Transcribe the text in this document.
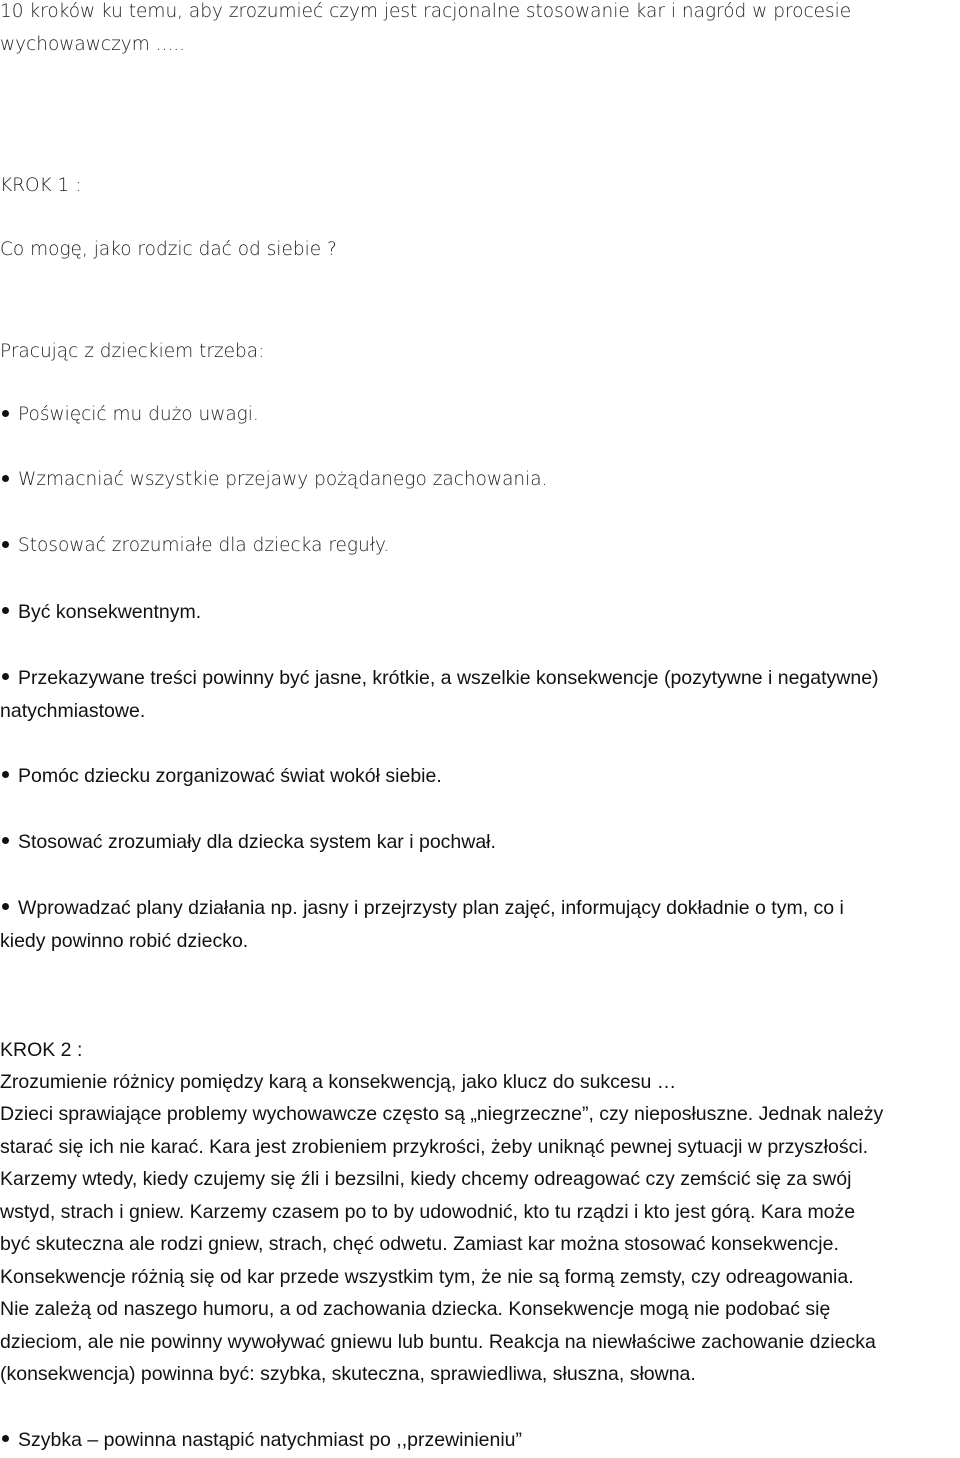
10 kroków ku temu, aby zrozumieć czym jest racjonalne stosowanie kar i nagród w procesie
wychowawczym .....
KROK 1 :
Co mogę, jako rodzic dać od siebie ?
Pracując z dzieckiem trzeba:
Poświęcić mu dużo uwagi.
Wzmacniać wszystkie przejawy pożądanego zachowania.
Stosować zrozumiałe dla dziecka reguły.
Być konsekwentnym.
Przekazywane treści powinny być jasne, krótkie, a wszelkie konsekwencje (pozytywne i negatywne)
natychmiastowe.
Pomóc dziecku zorganizować świat wokół siebie.
Stosować zrozumiały dla dziecka system kar i pochwał.
Wprowadzać plany działania np. jasny i przejrzysty plan zajęć, informujący dokładnie o tym, co i
kiedy powinno robić dziecko.
KROK 2 :
Zrozumienie różnicy pomiędzy karą a konsekwencją, jako klucz do sukcesu …
Dzieci sprawiające problemy wychowawcze często są „niegrzeczne”, czy nieposłuszne. Jednak należy
starać się ich nie karać. Kara jest zrobieniem przykrości, żeby uniknąć pewnej sytuacji w przyszłości.
Karzemy wtedy, kiedy czujemy się źli i bezsilni, kiedy chcemy odreagować czy zemścić się za swój
wstyd, strach i gniew. Karzemy czasem po to by udowodnić, kto tu rządzi i kto jest górą. Kara może
być skuteczna ale rodzi gniew, strach, chęć odwetu. Zamiast kar można stosować konsekwencje.
Konsekwencje różnią się od kar przede wszystkim tym, że nie są formą zemsty, czy odreagowania.
Nie zależą od naszego humoru, a od zachowania dziecka. Konsekwencje mogą nie podobać się
dzieciom, ale nie powinny wywoływać gniewu lub buntu. Reakcja na niewłaściwe zachowanie dziecka
(konsekwencja) powinna być: szybka, skuteczna, sprawiedliwa, słuszna, słowna.
Szybka – powinna nastąpić natychmiast po ,,przewinieniu”
